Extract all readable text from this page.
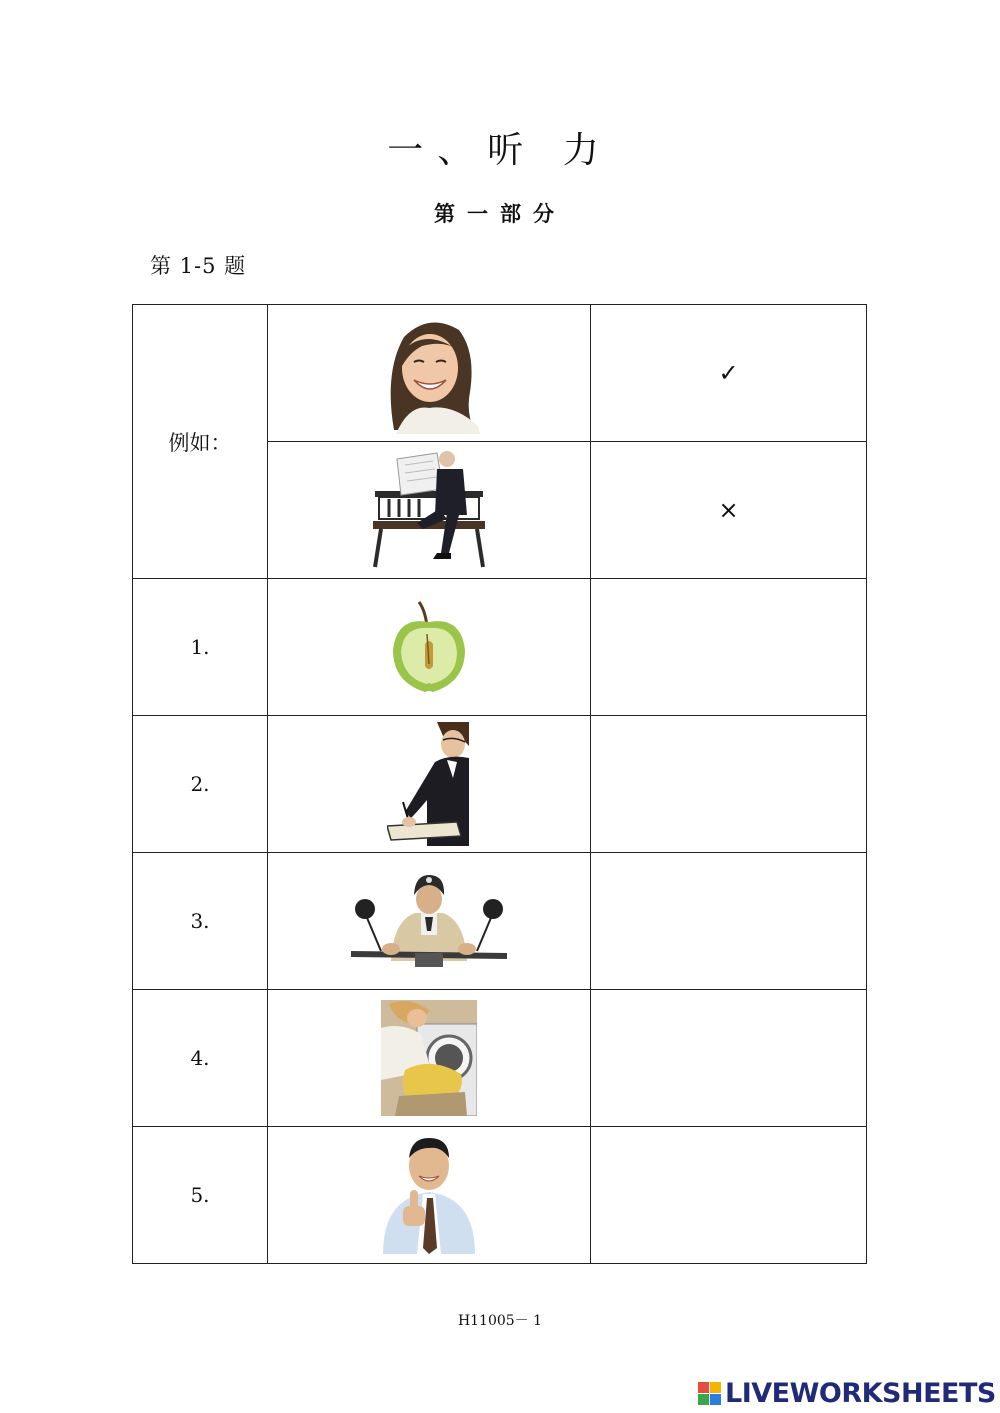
一、听 力
第一部分
第 1-5 题
例如：		✓
	×
1.		
2.		
3.		
4.		
5.		
H11005－ 1
LIVEWORKSHEETS
